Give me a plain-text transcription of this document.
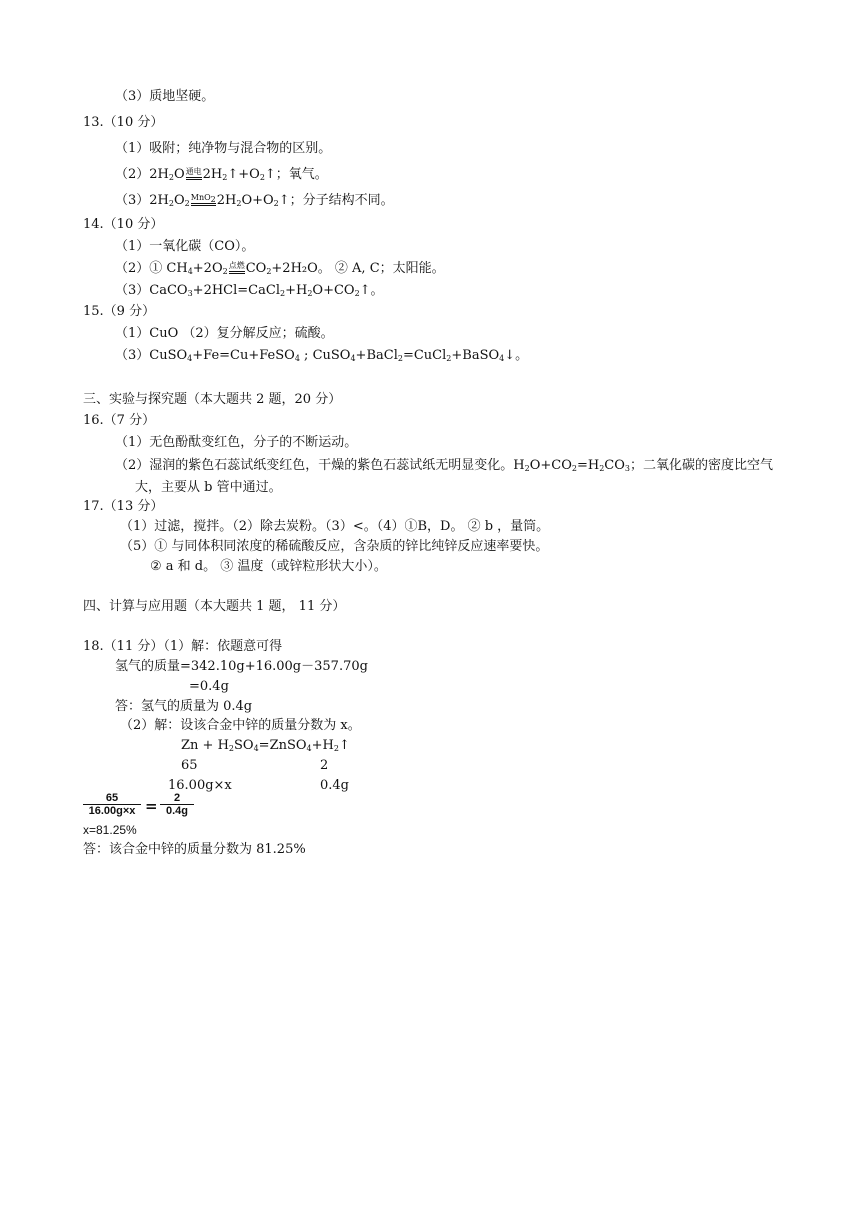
（3）质地坚硬。
13.（10 分）
（1）吸附；纯净物与混合物的区别。
$(2)2H_2O$通电
$2H_2↑+O_2↑$；氧气。
$(3)2H_2O_2MnO_2$
$2H_2O+O_2↑$；分子结构不同。
14.（10 分）
（1）一氧化碳（CO）。
（2）① $CH_4+2O_2$点燃
$CO_2+2H_2O$。 ② A, C；太阳能。
$(3)CaCO_3+2HCl=CaCl_2+H_2O+CO_2↑$。
15.（9 分）
（1）CuO （2）复分解反应；硫酸。
（3）CuSO$_4$+Fe=Cu+FeSO$_4$ ; CuSO$_4$+BaCl$_2$=CuCl$_2$+BaSO$_4$↓。
三、实验与探究题（本大题共 2 题，20 分）
16.（7 分）
（1）无色酚酞变红色，分子的不断运动。
（2）湿润的紫色石蕊试纸变红色，干燥的紫色石蕊试纸无明显变化。$H_2O+CO_2=H_2CO_3$；二氧化碳的密度比空气
大，主要从 b 管中通过。
17.（13 分）
（1）过滤，搅拌。（2）除去炭粉。（3）<。（4）①B，D。 ② b ，量筒。
（5）① 与同体积同浓度的稀硫酸反应，含杂质的锌比纯锌反应速率要快。
② a 和 d。 ③ 温度（或锌粒形状大小）。
四、计算与应用题（本大题共 1 题， 11 分）
18.（11 分）（1）解：依题意可得
氢气的质量=342.10g+16.00g－357.70g
=0.4g
答：氢气的质量为 0.4g
（2）解：设该合金中锌的质量分数为 x。
$Zn + H_2SO_4=ZnSO_4+H_2↑$
65	2
16.00g×x	0.4g
65
16.00g×x =	2
0.4g
x=81.25%
答：该合金中锌的质量分数为 81.25%
